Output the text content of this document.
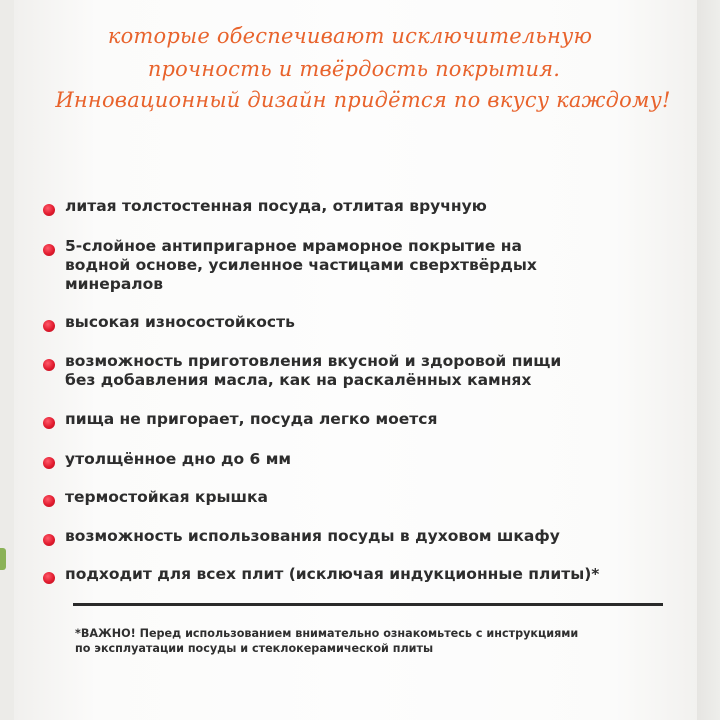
которые обеспечивают исключительную
прочность и твёрдость покрытия.
Инновационный дизайн придётся по вкусу каждому!
литая толстостенная посуда, отлитая вручную
5-слойное антипригарное мраморное покрытие на
водной основе, усиленное частицами сверхтвёрдых
минералов
высокая износостойкость
возможность приготовления вкусной и здоровой пищи
без добавления масла, как на раскалённых камнях
пища не пригорает, посуда легко моется
утолщённое дно до 6 мм
термостойкая крышка
возможность использования посуды в духовом шкафу
подходит для всех плит (исключая индукционные плиты)*
*ВАЖНО! Перед использованием внимательно ознакомьтесь с инструкциями
по эксплуатации посуды и стеклокерамической плиты
